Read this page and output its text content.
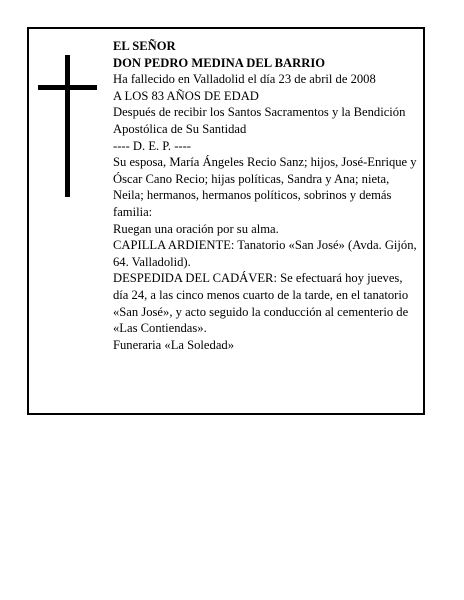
EL SEÑOR

DON PEDRO MEDINA DEL BARRIO

Ha fallecido en Valladolid el día 23 de abril de 2008

A LOS 83 AÑOS DE EDAD

Después de recibir los Santos Sacramentos y la Bendición Apostólica de Su Santidad

---- D. E. P. ----

Su esposa, María Ángeles Recio Sanz; hijos, José-Enrique y Óscar Cano Recio; hijas políticas, Sandra y Ana; nieta, Neila; hermanos, hermanos políticos, sobrinos y demás familia:

Ruegan una oración por su alma.

CAPILLA ARDIENTE: Tanatorio «San José» (Avda. Gijón, 64. Valladolid).

DESPEDIDA DEL CADÁVER: Se efectuará hoy jueves, día 24, a las cinco menos cuarto de la tarde, en el tanatorio «San José», y acto seguido la conducción al cementerio de «Las Contiendas».

Funeraria «La Soledad»
